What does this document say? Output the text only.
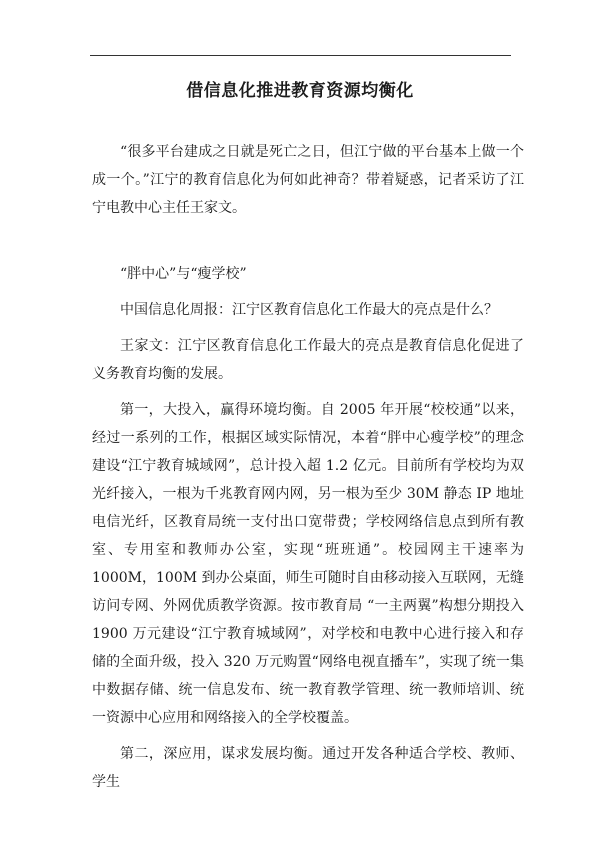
借信息化推进教育资源均衡化

“很多平台建成之日就是死亡之日，但江宁做的平台基本上做一个成一个。”江宁的教育信息化为何如此神奇？带着疑惑，记者采访了江宁电教中心主任王家文。

“胖中心”与“瘦学校”

中国信息化周报：江宁区教育信息化工作最大的亮点是什么？

王家文：江宁区教育信息化工作最大的亮点是教育信息化促进了义务教育均衡的发展。

第一，大投入，赢得环境均衡。自 2005 年开展“校校通”以来，经过一系列的工作，根据区域实际情况，本着“胖中心瘦学校”的理念建设“江宁教育城域网”，总计投入超 1.2 亿元。目前所有学校均为双光纤接入，一根为千兆教育网内网，另一根为至少 30M 静态 IP 地址电信光纤，区教育局统一支付出口宽带费；学校网络信息点到所有教室、专用室和教师办公室，实现“班班通”。校园网主干速率为 1000M，100M 到办公桌面，师生可随时自由移动接入互联网，无缝访问专网、外网优质教学资源。按市教育局 “一主两翼”构想分期投入 1900 万元建设“江宁教育城域网”，对学校和电教中心进行接入和存储的全面升级，投入 320 万元购置“网络电视直播车”，实现了统一集中数据存储、统一信息发布、统一教育教学管理、统一教师培训、统一资源中心应用和网络接入的全学校覆盖。

第二，深应用，谋求发展均衡。通过开发各种适合学校、教师、学生
